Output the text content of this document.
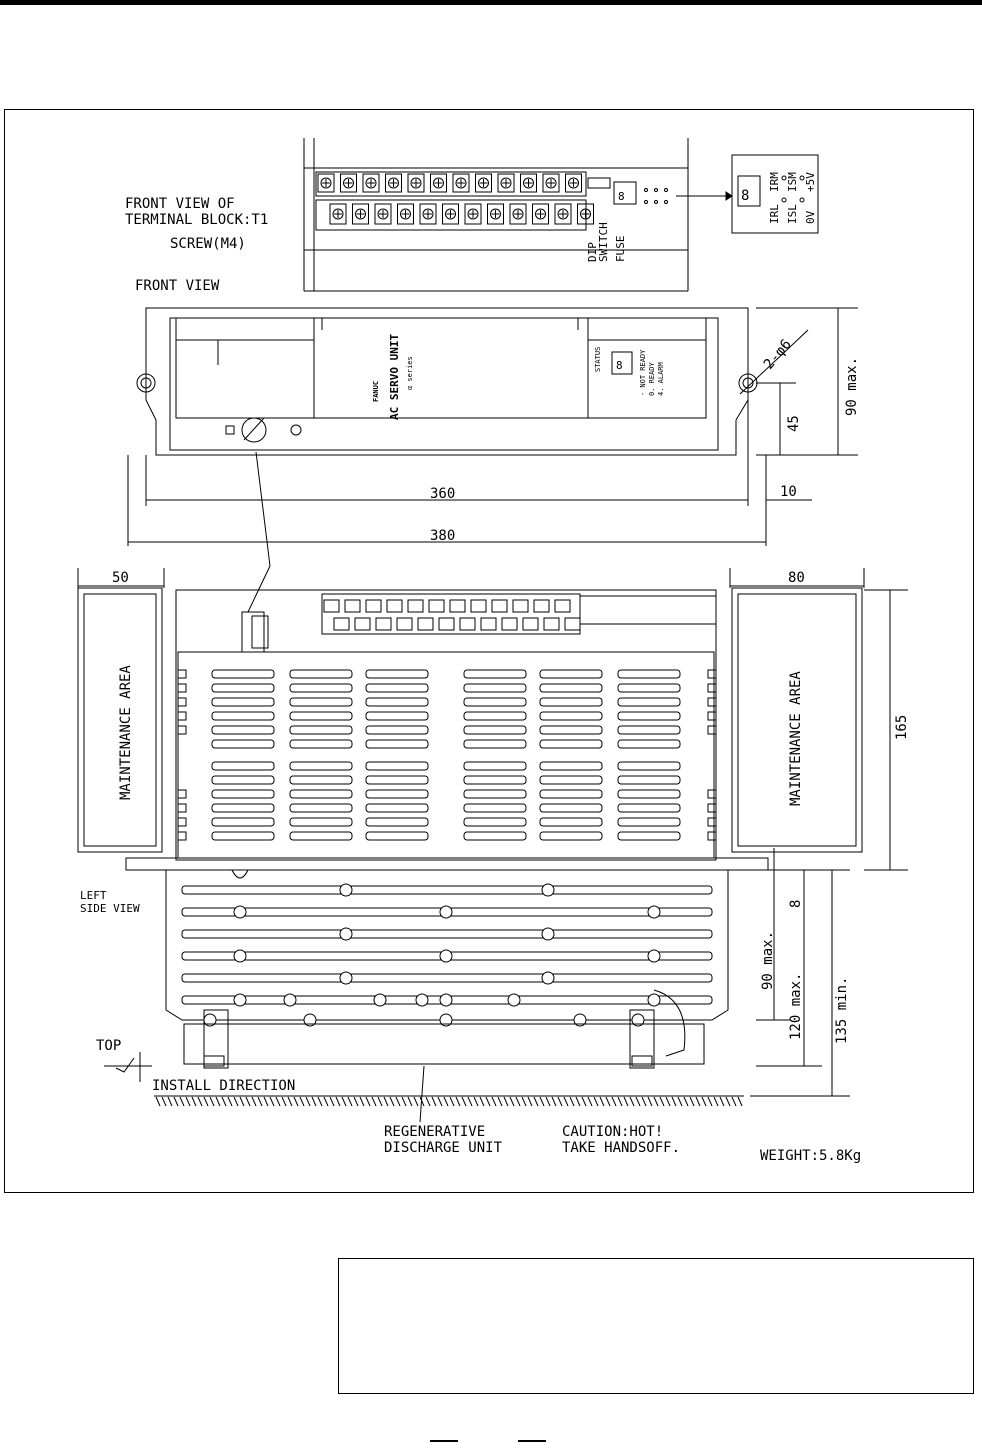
8
DIP
SWITCH FUSE
8
IRL
IRM
ISL
ISM
0V
+5V
FRONT VIEW OF
TERMINAL BLOCK:T1
SCREW(M4)
FRONT VIEW
8
FANUC AC SERVO UNIT α series	STATUS	- NOT READY 0. READY 4. ALARM
2-φ6
360
380
10
45
90 max.
50
MAINTENANCE AREA
80
MAINTENANCE AREA	165
LEFT
SIDE VIEW
TOP
INSTALL DIRECTION
REGENERATIVE
DISCHARGE UNIT
CAUTION:HOT!
TAKE HANDSOFF.	WEIGHT:5.8Kg
8
90 max.
120 max. 135 min.
